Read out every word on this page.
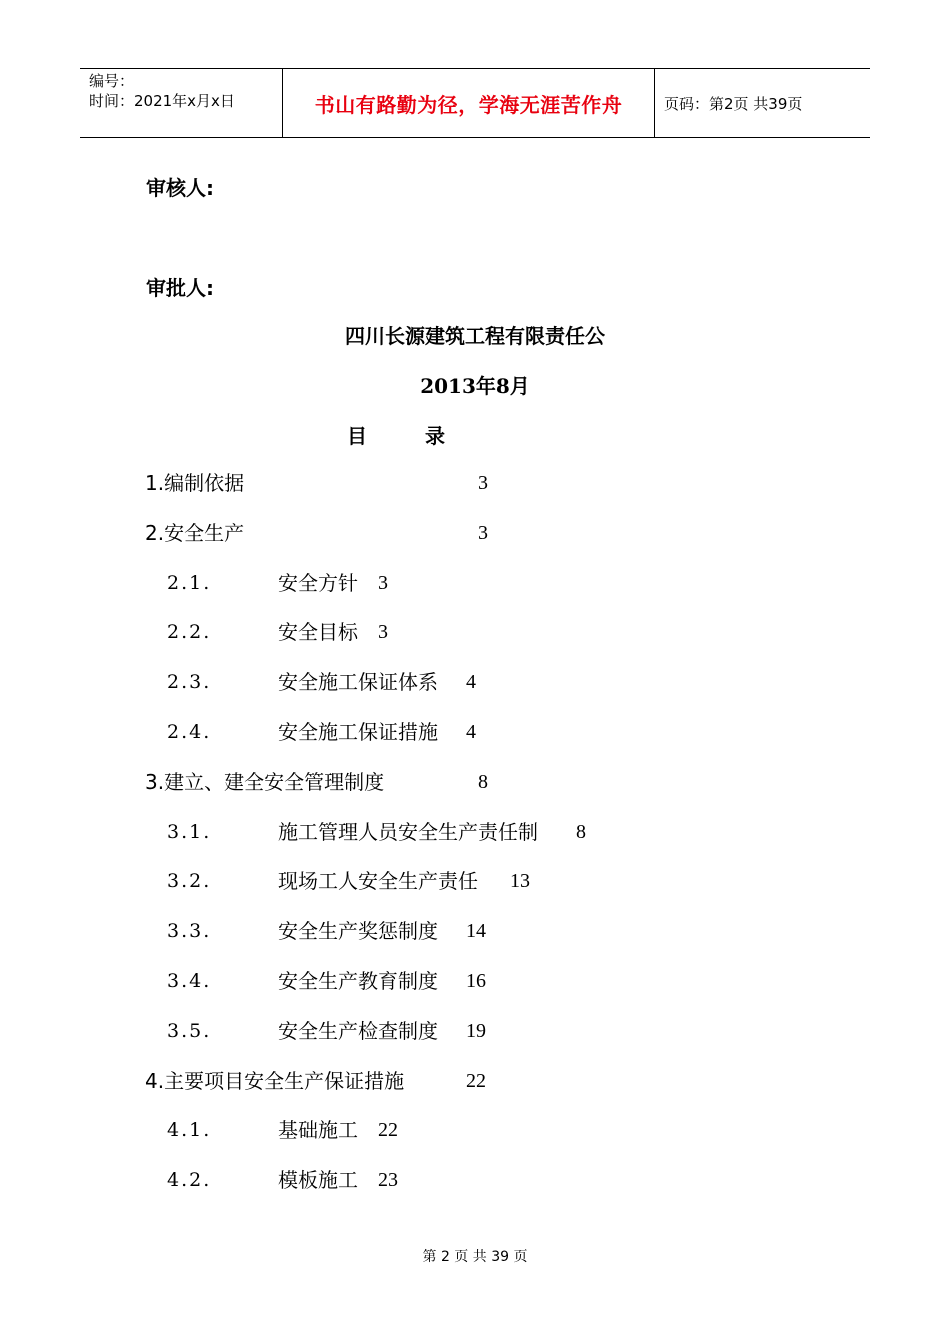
编号：
时间：2021年x月x日	书山有路勤为径，学海无涯苦作舟	页码：第2页 共39页
审核人:
审批人:
四川长源建筑工程有限责任公
2013年8月
目	录
1.编制依据	3
2.安全生产	3
2.1.	安全方针 3
2.2.	安全目标 3
2.3.	安全施工保证体系 4
2.4.	安全施工保证措施 4
3.建立、建全安全管理制度	8
3.1.	施工管理人员安全生产责任制 8
3.2.	现场工人安全生产责任 13
3.3.	安全生产奖惩制度 14
3.4.	安全生产教育制度 16
3.5.	安全生产检查制度 19
4.主要项目安全生产保证措施	22
4.1.	基础施工 22
4.2.	模板施工 23
第 2 页 共 39 页
